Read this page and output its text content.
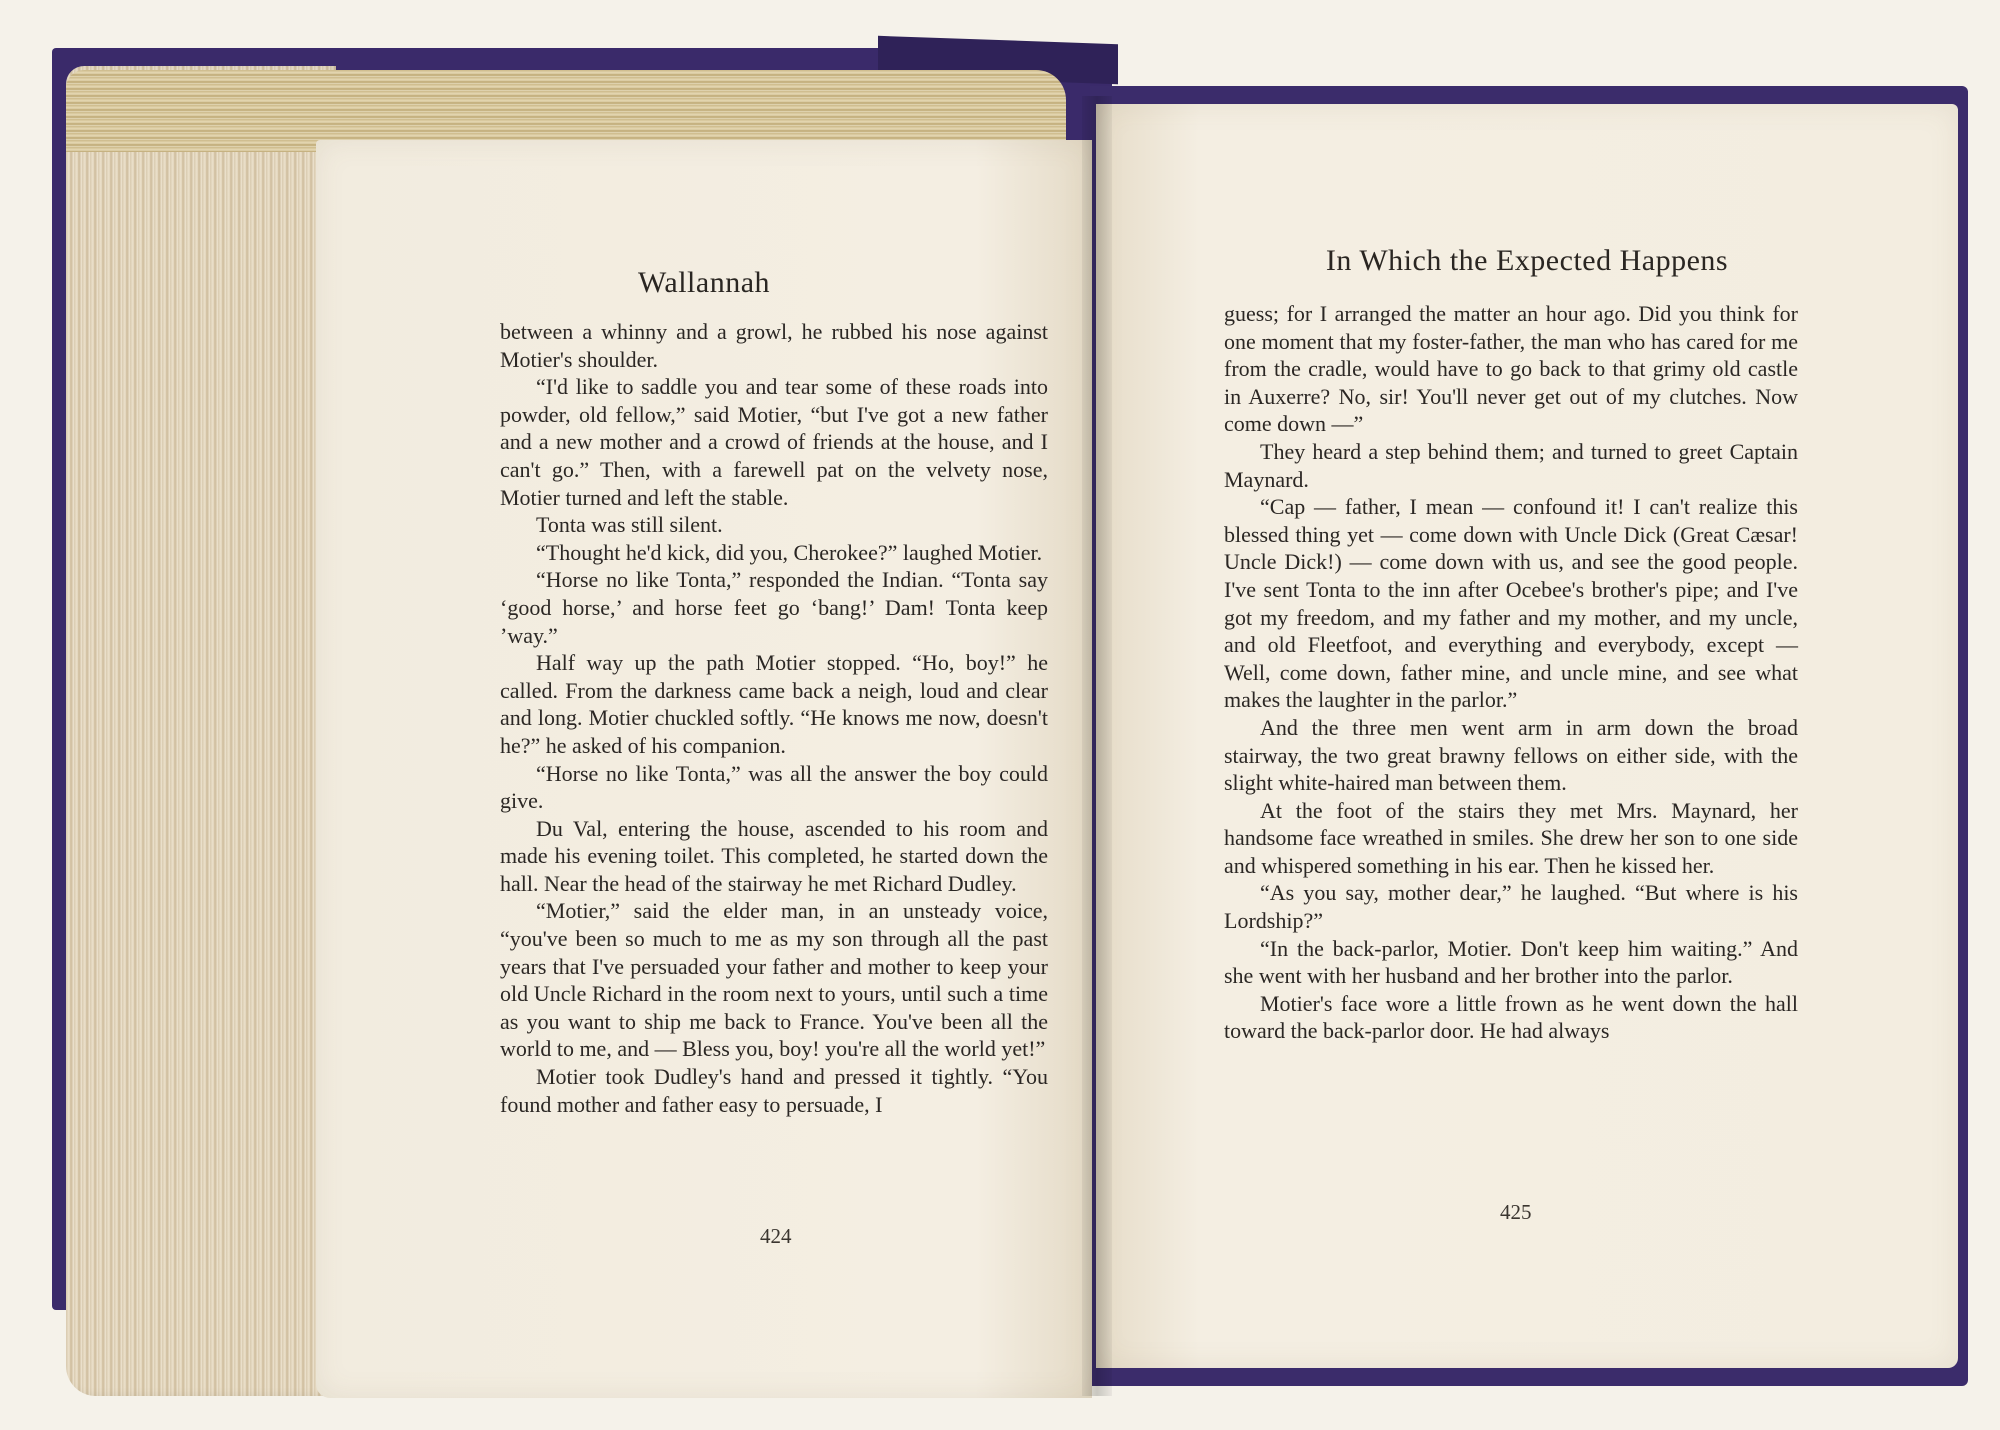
Wallannah

between a whinny and a growl, he rubbed his nose against Motier's shoulder.

“I'd like to saddle you and tear some of these roads into powder, old fellow,” said Motier, “but I've got a new father and a new mother and a crowd of friends at the house, and I can't go.” Then, with a farewell pat on the velvety nose, Motier turned and left the stable.

Tonta was still silent.

“Thought he'd kick, did you, Cherokee?” laughed Motier.

“Horse no like Tonta,” responded the Indian. “Tonta say ‘good horse,’ and horse feet go ‘bang!’ Dam! Tonta keep ’way.”

Half way up the path Motier stopped. “Ho, boy!” he called. From the darkness came back a neigh, loud and clear and long. Motier chuckled softly. “He knows me now, doesn't he?” he asked of his companion.

“Horse no like Tonta,” was all the answer the boy could give.

Du Val, entering the house, ascended to his room and made his evening toilet. This completed, he started down the hall. Near the head of the stairway he met Richard Dudley.

“Motier,” said the elder man, in an unsteady voice, “you've been so much to me as my son through all the past years that I've persuaded your father and mother to keep your old Uncle Richard in the room next to yours, until such a time as you want to ship me back to France. You've been all the world to me, and — Bless you, boy! you're all the world yet!”

Motier took Dudley's hand and pressed it tightly. “You found mother and father easy to persuade, I

424
In Which the Expected Happens

guess; for I arranged the matter an hour ago. Did you think for one moment that my foster-father, the man who has cared for me from the cradle, would have to go back to that grimy old castle in Auxerre? No, sir! You'll never get out of my clutches. Now come down —”

They heard a step behind them; and turned to greet Captain Maynard.

“Cap — father, I mean — confound it! I can't realize this blessed thing yet — come down with Uncle Dick (Great Cæsar! Uncle Dick!) — come down with us, and see the good people. I've sent Tonta to the inn after Ocebee's brother's pipe; and I've got my freedom, and my father and my mother, and my uncle, and old Fleetfoot, and everything and everybody, except — Well, come down, father mine, and uncle mine, and see what makes the laughter in the parlor.”

And the three men went arm in arm down the broad stairway, the two great brawny fellows on either side, with the slight white-haired man between them.

At the foot of the stairs they met Mrs. Maynard, her handsome face wreathed in smiles. She drew her son to one side and whispered something in his ear. Then he kissed her.

“As you say, mother dear,” he laughed. “But where is his Lordship?”

“In the back-parlor, Motier. Don't keep him waiting.” And she went with her husband and her brother into the parlor.

Motier's face wore a little frown as he went down the hall toward the back-parlor door. He had always

425
